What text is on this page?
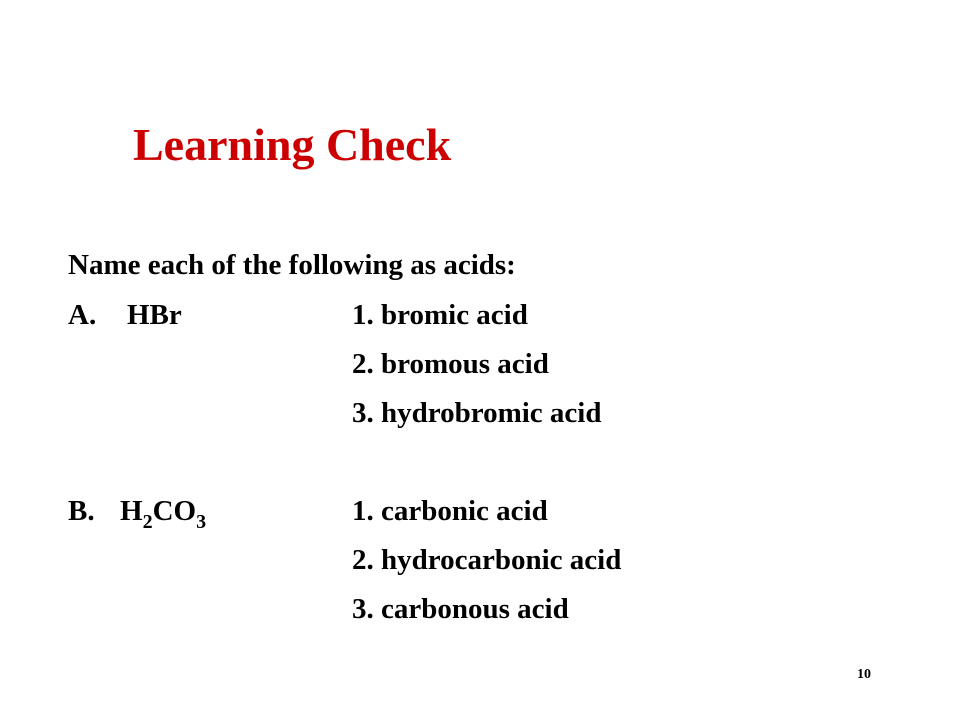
Learning Check
Name each of the following as acids:
A. HBr	1. bromic acid
2. bromous acid
3. hydrobromic acid
B. $H_2CO_3$	1. carbonic acid
2. hydrocarbonic acid
3. carbonous acid
10
